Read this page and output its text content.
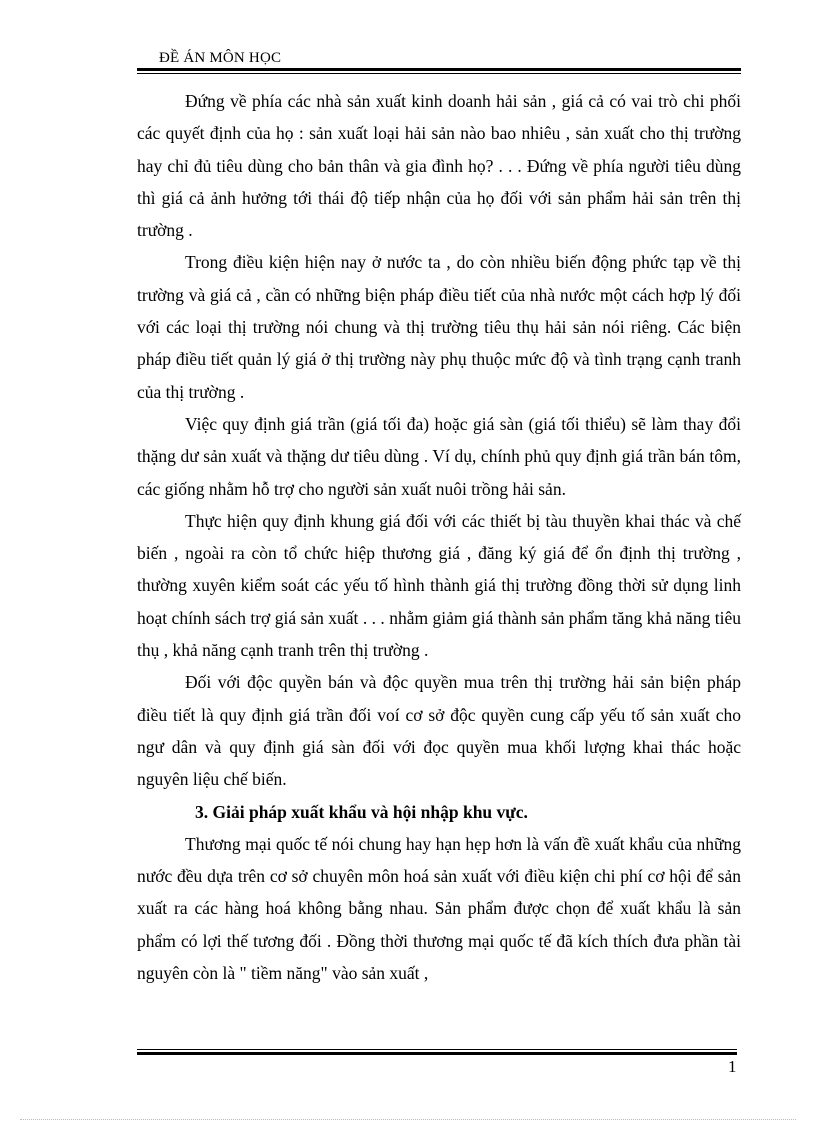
ĐỀ ÁN MÔN HỌC

Đứng về phía các nhà sản xuất kinh doanh hải sản , giá cả có vai trò chi phối các quyết định của họ : sản xuất loại hải sản nào bao nhiêu , sản xuất cho thị trường hay chỉ đủ tiêu dùng cho bản thân và gia đình họ? . . . Đứng về phía người tiêu dùng thì giá cả ảnh hưởng tới thái độ tiếp nhận của họ đối với sản phẩm hải sản trên thị trường .

Trong điều kiện hiện nay ở nước ta , do còn nhiều biến động phức tạp về thị trường và giá cả , cần có những biện pháp điều tiết của nhà nước một cách hợp lý đối với các loại thị trường nói chung và thị trường tiêu thụ hải sản nói riêng. Các biện pháp điều tiết quản lý giá ở thị trường này phụ thuộc mức độ và tình trạng cạnh tranh của thị trường .

Việc quy định giá trần (giá tối đa) hoặc giá sàn (giá tối thiểu) sẽ làm thay đổi thặng dư sản xuất và thặng dư tiêu dùng . Ví dụ, chính phủ quy định giá trần bán tôm, các giống nhằm hỗ trợ cho người sản xuất nuôi trồng hải sản.

Thực hiện quy định khung giá đối với các thiết bị tàu thuyền khai thác và chế biến , ngoài ra còn tổ chức hiệp thương giá , đăng ký giá để ổn định thị trường , thường xuyên kiểm soát các yếu tố hình thành giá thị trường đồng thời sử dụng linh hoạt chính sách trợ giá sản xuất . . . nhằm giảm giá thành sản phẩm tăng khả năng tiêu thụ , khả năng cạnh tranh trên thị trường .

Đối với độc quyền bán và độc quyền mua trên thị trường hải sản biện pháp điều tiết là quy định giá trần đối voí cơ sở độc quyền cung cấp yếu tố sản xuất cho ngư dân và quy định giá sàn đối với đọc quyền mua khối lượng khai thác hoặc nguyên liệu chế biến.

3. Giải pháp xuất khẩu và hội nhập khu vực.

Thương mại quốc tế nói chung hay hạn hẹp hơn là vấn đề xuất khẩu của những nước đều dựa trên cơ sở chuyên môn hoá sản xuất với điều kiện chi phí cơ hội để sản xuất ra các hàng hoá không bằng nhau. Sản phẩm được chọn để xuất khẩu là sản phẩm có lợi thế tương đối . Đồng thời thương mại quốc tế đã kích thích đưa phần tài nguyên còn là " tiềm năng" vào sản xuất ,

1
